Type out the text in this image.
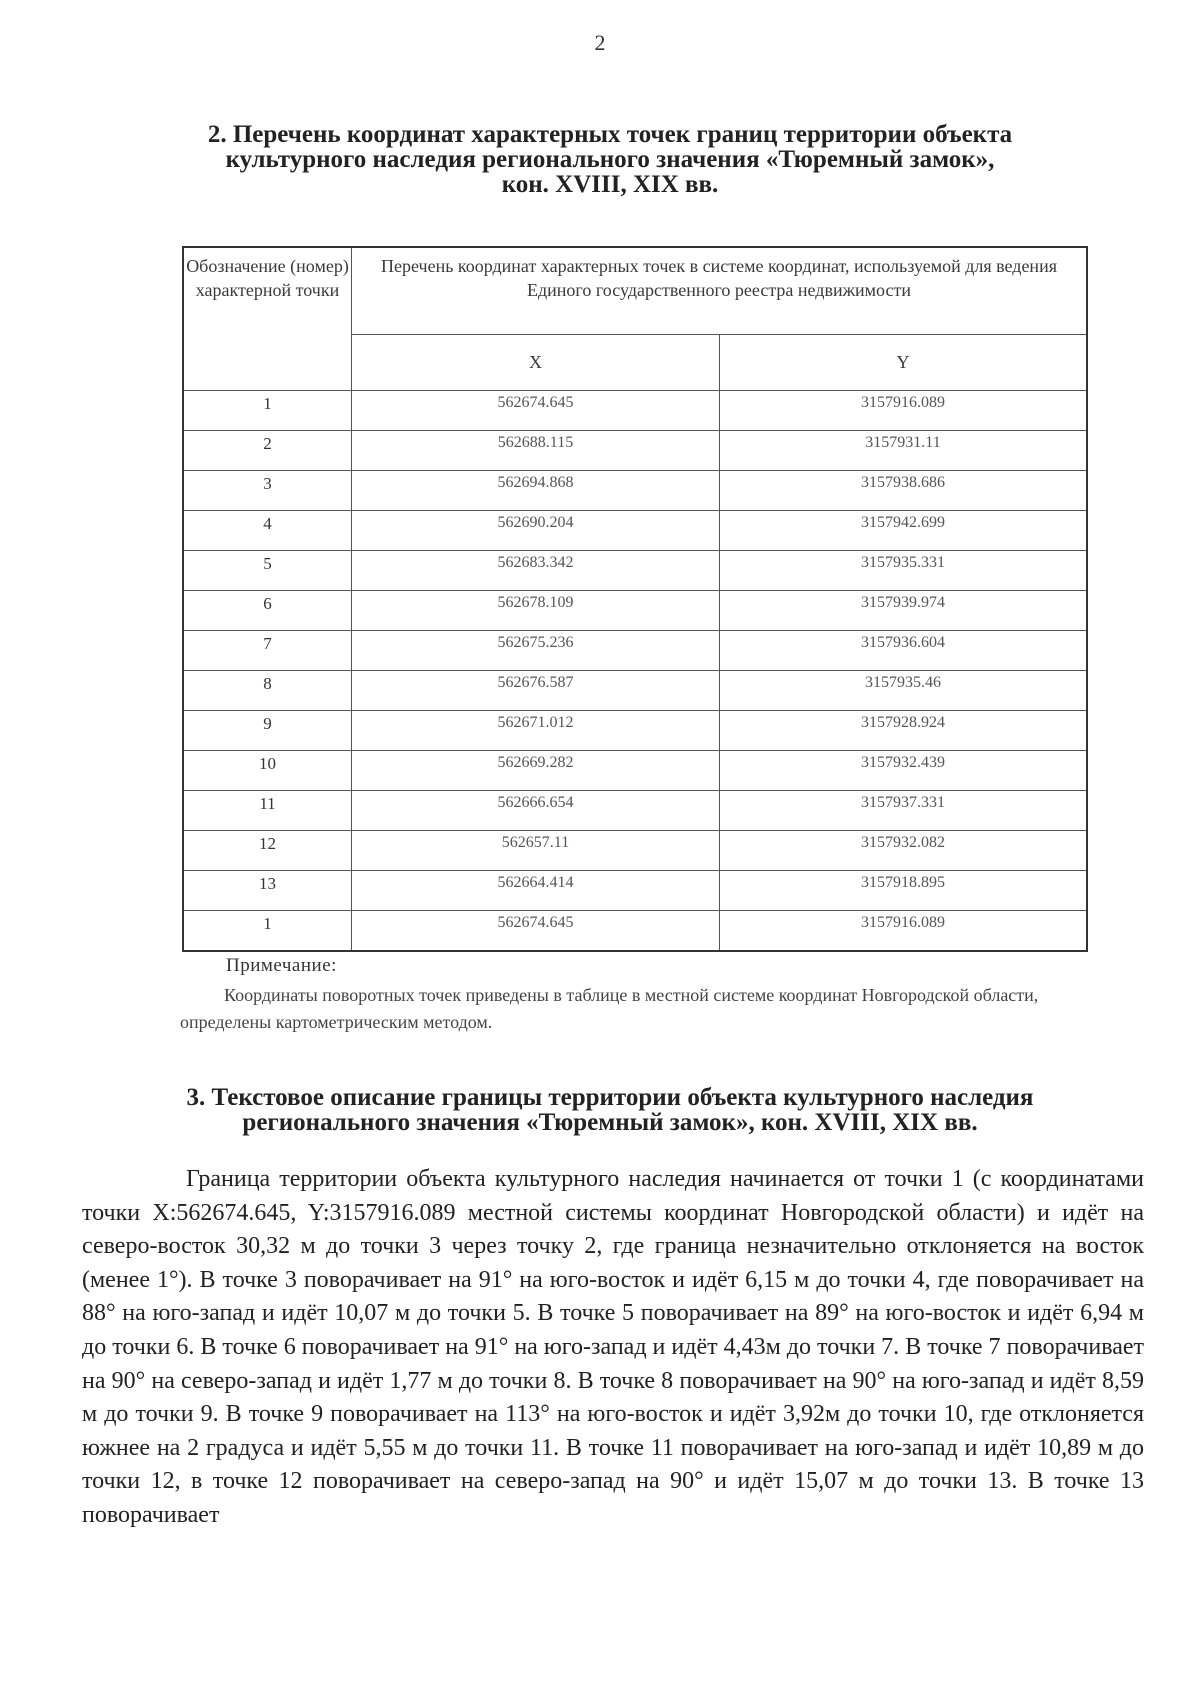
2
2. Перечень координат характерных точек границ территории объекта
культурного наследия регионального значения «Тюремный замок»,
кон. XVIII, XIX вв.
Обозначение (номер) характерной точки	Перечень координат характерных точек в системе координат, используемой для ведения Единого государственного реестра недвижимости	
	X	Y
1	562674.645	3157916.089
2	562688.115	3157931.11
3	562694.868	3157938.686
4	562690.204	3157942.699
5	562683.342	3157935.331
6	562678.109	3157939.974
7	562675.236	3157936.604
8	562676.587	3157935.46
9	562671.012	3157928.924
10	562669.282	3157932.439
11	562666.654	3157937.331
12	562657.11	3157932.082
13	562664.414	3157918.895
1	562674.645	3157916.089
Примечание:
Координаты поворотных точек приведены в таблице в местной системе координат Новгородской области, определены картометрическим методом.
3. Текстовое описание границы территории объекта культурного наследия
регионального значения «Тюремный замок», кон. XVIII, XIX вв.
Граница территории объекта культурного наследия начинается от точки 1 (с координатами точки X:562674.645, Y:3157916.089 местной системы координат Новгородской области) и идёт на северо-восток 30,32 м до точки 3 через точку 2, где граница незначительно отклоняется на восток (менее 1°). В точке 3 поворачивает на 91° на юго-восток и идёт 6,15 м до точки 4, где поворачивает на 88° на юго-запад и идёт 10,07 м до точки 5. В точке 5 поворачивает на 89° на юго-восток и идёт 6,94 м до точки 6. В точке 6 поворачивает на 91° на юго-запад и идёт 4,43м до точки 7. В точке 7 поворачивает на 90° на северо-запад и идёт 1,77 м до точки 8. В точке 8 поворачивает на 90° на юго-запад и идёт 8,59 м до точки 9. В точке 9 поворачивает на 113° на юго-восток и идёт 3,92м до точки 10, где отклоняется южнее на 2 градуса и идёт 5,55 м до точки 11. В точке 11 поворачивает на юго-запад и идёт 10,89 м до точки 12, в точке 12 поворачивает на северо-запад на 90° и идёт 15,07 м до точки 13. В точке 13 поворачивает
